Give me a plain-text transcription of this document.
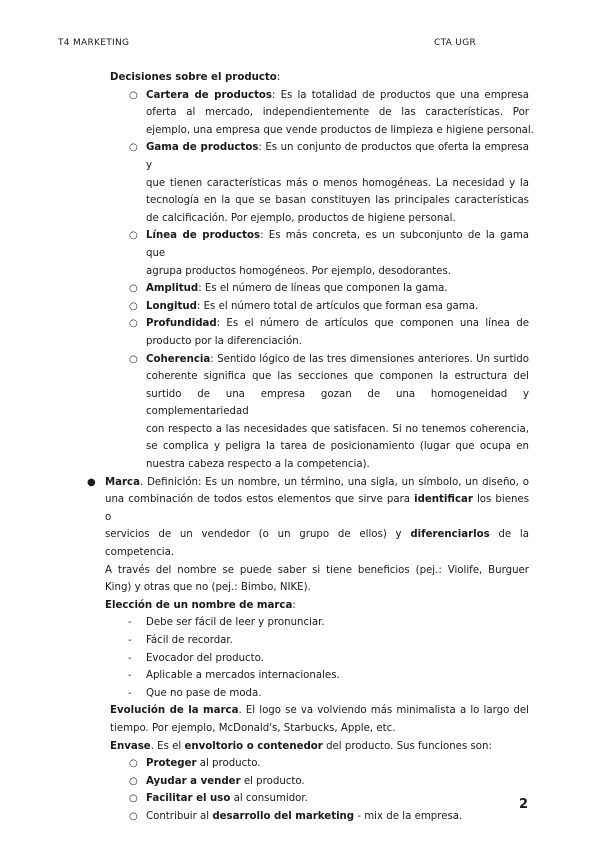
T4 MARKETING	CTA UGR
Decisiones sobre el producto:
○ Cartera de productos: Es la totalidad de productos que una empresa
oferta al mercado, independientemente de las características. Por
ejemplo, una empresa que vende productos de limpieza e higiene personal.
○ Gama de productos: Es un conjunto de productos que oferta la empresa y
que tienen características más o menos homogéneas. La necesidad y la
tecnología en la que se basan constituyen las principales características
de calcificación. Por ejemplo, productos de higiene personal.
○ Línea de productos: Es más concreta, es un subconjunto de la gama que
agrupa productos homogéneos. Por ejemplo, desodorantes.
○ Amplitud: Es el número de líneas que componen la gama.
○ Longitud: Es el número total de artículos que forman esa gama.
○ Profundidad: Es el número de artículos que componen una línea de
producto por la diferenciación.
○ Coherencia: Sentido lógico de las tres dimensiones anteriores. Un surtido
coherente significa que las secciones que componen la estructura del
surtido de una empresa gozan de una homogeneidad y complementariedad
con respecto a las necesidades que satisfacen. Si no tenemos coherencia,
se complica y peligra la tarea de posicionamiento (lugar que ocupa en
nuestra cabeza respecto a la competencia).
● Marca. Definición: Es un nombre, un término, una sigla, un símbolo, un diseño, o
una combinación de todos estos elementos que sirve para identificar los bienes o
servicios de un vendedor (o un grupo de ellos) y diferenciarlos de la competencia.
A través del nombre se puede saber si tiene beneficios (pej.: Violife, Burguer
King) y otras que no (pej.: Bimbo, NIKE).
Elección de un nombre de marca:
- Debe ser fácil de leer y pronunciar.
- Fácil de recordar.
- Evocador del producto.
- Aplicable a mercados internacionales.
- Que no pase de moda.
Evolución de la marca. El logo se va volviendo más minimalista a lo largo del
tiempo. Por ejemplo, McDonald's, Starbucks, Apple, etc.
Envase. Es el envoltorio o contenedor del producto. Sus funciones son:
○ Proteger al producto.
○ Ayudar a vender el producto.
○ Facilitar el uso al consumidor.
○ Contribuir al desarrollo del marketing - mix de la empresa.
2
